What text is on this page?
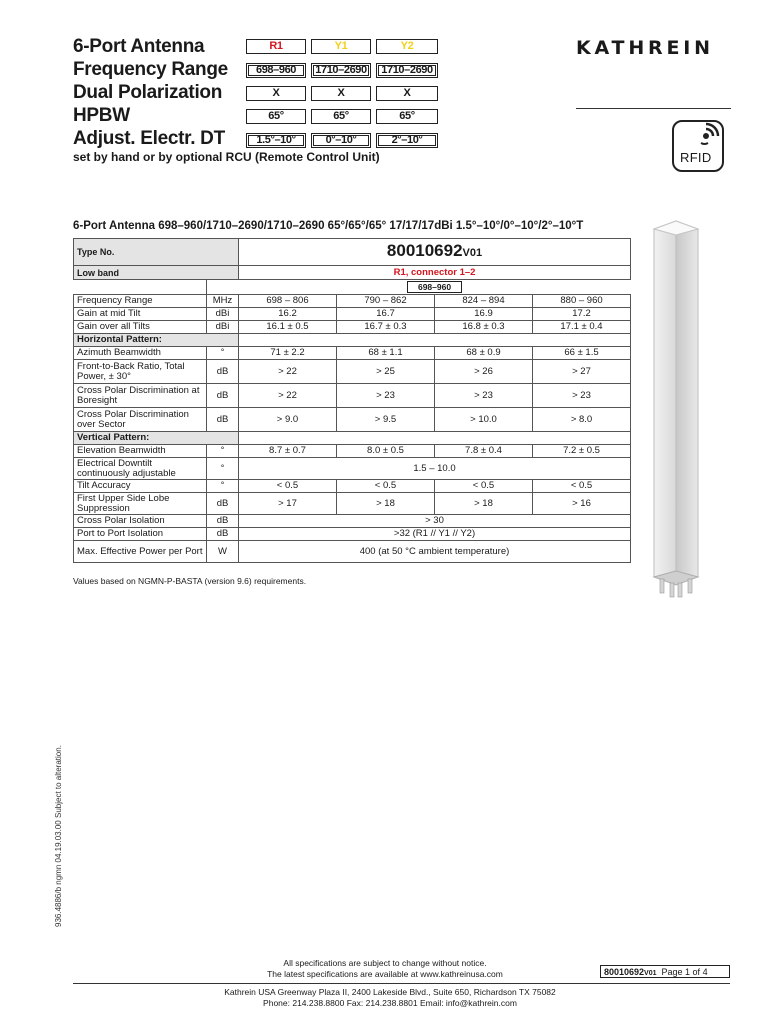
6-Port Antenna
Frequency Range
Dual Polarization
HPBW
Adjust. Electr. DT
R1	Y1	Y2
698–960	1710–2690	1710–2690
X	X	X
65°	65°	65°
1.5°–10°	0°–10°	2°–10°
set by hand or by optional RCU (Remote Control Unit)
KATHREIN
RFID
6-Port Antenna 698–960/1710–2690/1710–2690 65°/65°/65° 17/17/17dBi 1.5°–10°/0°–10°/2°–10°T
Type No.		80010692V01			
Low band		R1, connector 1–2			
		698–960			
Frequency Range	MHz	698 – 806	790 – 862	824 – 894	880 – 960
Gain at mid Tilt	dBi	16.2	16.7	16.9	17.2
Gain over all Tilts	dBi	16.1 ± 0.5	16.7 ± 0.3	16.8 ± 0.3	17.1 ± 0.4
Horizontal Pattern:					
Azimuth Beamwidth	°	71 ± 2.2	68 ± 1.1	68 ± 0.9	66 ± 1.5
Front-to-Back Ratio, Total Power, ± 30°	dB	> 22	> 25	> 26	> 27
Cross Polar Discrimination at Boresight	dB	> 22	> 23	> 23	> 23
Cross Polar Discrimination over Sector	dB	> 9.0	> 9.5	> 10.0	> 8.0
Vertical Pattern:					
Elevation Beamwidth	°	8.7 ± 0.7	8.0 ± 0.5	7.8 ± 0.4	7.2 ± 0.5
Electrical Downtilt continuously adjustable	°	1.5 – 10.0			
Tilt Accuracy	°	< 0.5	< 0.5	< 0.5	< 0.5
First Upper Side Lobe Suppression	dB	> 17	> 18	> 18	> 16
Cross Polar Isolation	dB	> 30			
Port to Port Isolation	dB	>32 (R1 // Y1 // Y2)			
Max. Effective Power per Port	W	400 (at 50 °C ambient temperature)			
Values based on NGMN-P-BASTA (version 9.6) requirements.
936.4886/b ngmn 04.19.03.00 Subject to alteration.
All specifications are subject to change without notice.
The latest specifications are available at www.kathreinusa.com	80010692V01 Page 1 of 4
Kathrein USA Greenway Plaza II, 2400 Lakeside Blvd., Suite 650, Richardson TX 75082
Phone: 214.238.8800 Fax: 214.238.8801 Email: info@kathrein.com
